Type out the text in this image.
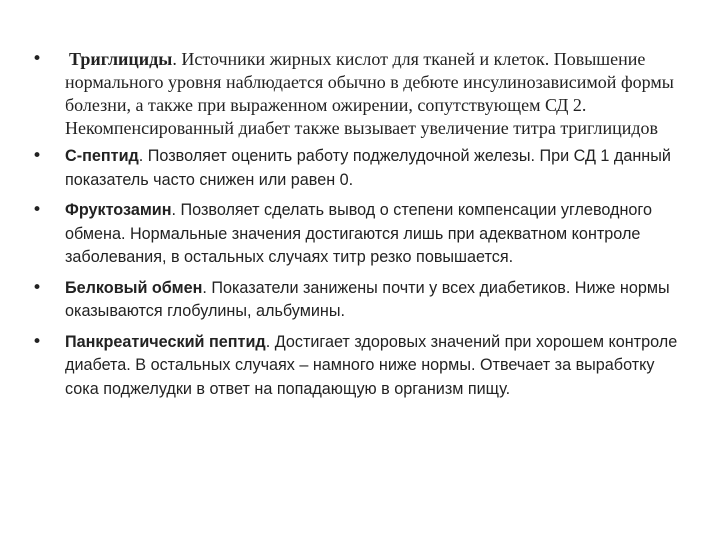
• Триглициды. Источники жирных кислот для тканей и клеток. Повышение нормального уровня наблюдается обычно в дебюте инсулинозависимой формы болезни, а также при выраженном ожирении, сопутствующем СД 2. Некомпенсированный диабет также вызывает увеличение титра триглицидов
• С-пептид. Позволяет оценить работу поджелудочной железы. При СД 1 данный показатель часто снижен или равен 0.
• Фруктозамин. Позволяет сделать вывод о степени компенсации углеводного обмена. Нормальные значения достигаются лишь при адекватном контроле заболевания, в остальных случаях титр резко повышается.
• Белковый обмен. Показатели занижены почти у всех диабетиков. Ниже нормы оказываются глобулины, альбумины.
• Панкреатический пептид. Достигает здоровых значений при хорошем контроле диабета. В остальных случаях – намного ниже нормы. Отвечает за выработку сока поджелудки в ответ на попадающую в организм пищу.
